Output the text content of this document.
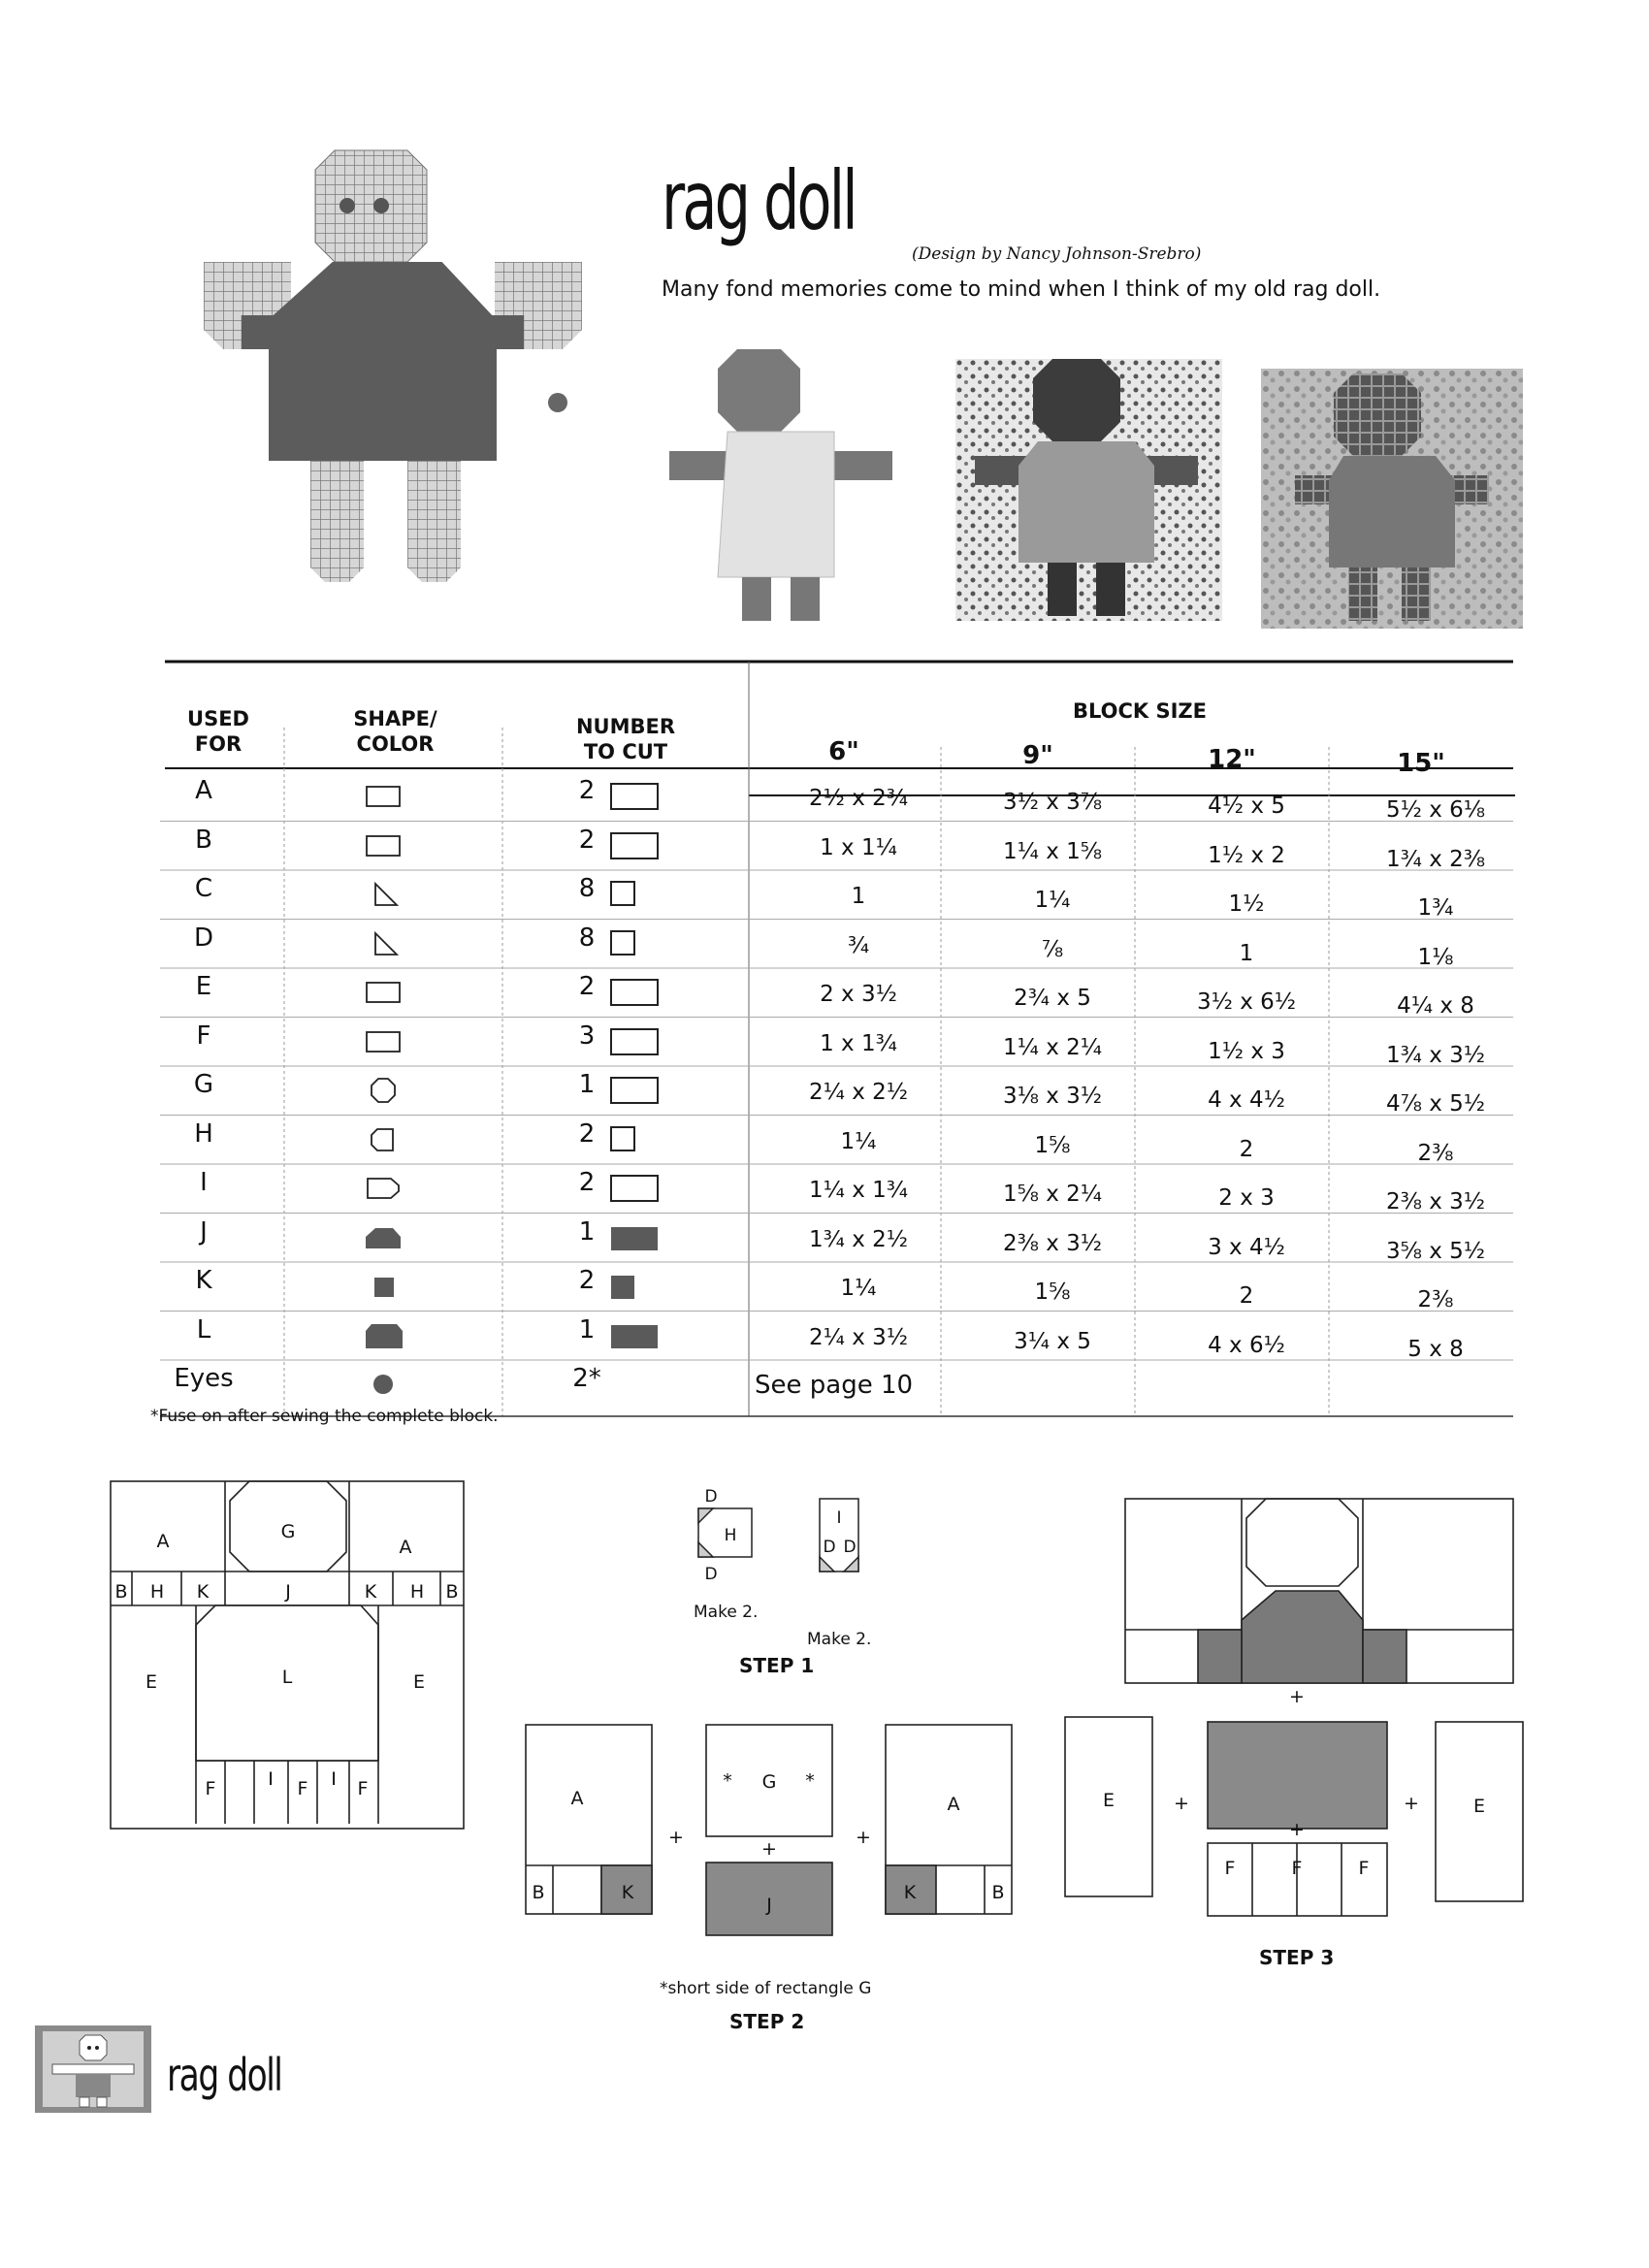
rag doll
(Design by Nancy Johnson-Srebro)
Many fond memories come to mind when I think of my old rag doll.
USED FOR
SHAPE/ COLOR
NUMBER TO CUT
BLOCK SIZE
6"	9"	12"	15"
A	2	2½ x 2¾	3½ x 3⅞	4½ x 5	5½ x 6⅛
B	2	1 x 1¼	1¼ x 1⅝	1½ x 2	1¾ x 2⅜
C	8	1	1¼	1½	1¾
D	8	¾	⅞	1	1⅛
E	2	2 x 3½	2¾ x 5	3½ x 6½	4¼ x 8
F	3	1 x 1¾	1¼ x 2¼	1½ x 3	1¾ x 3½
G	1	2¼ x 2½	3⅛ x 3½	4 x 4½	4⅞ x 5½
H	2	1¼	1⅝	2	2⅜
I	2	1¼ x 1¾	1⅝ x 2¼	2 x 3	2⅜ x 3½
J	1	1¾ x 2½	2⅜ x 3½	3 x 4½	3⅝ x 5½
K	2	1¼	1⅝	2	2⅜
L	1	2¼ x 3½	3¼ x 5	4 x 6½	5 x 8
Eyes	2*	See page 10
*Fuse on after sewing the complete block.
A	A
G
J
B H K	K H B
E	E
L
F	F	F
I	I
D
H
D
I
D D
Make 2.
Make 2.
STEP 1
A
B	K
G
J
A
K	B
+
+
+
*	*
*short side of rectangle G
STEP 2
E	E
F	F	F
+
+	+
+
STEP 3
rag doll
